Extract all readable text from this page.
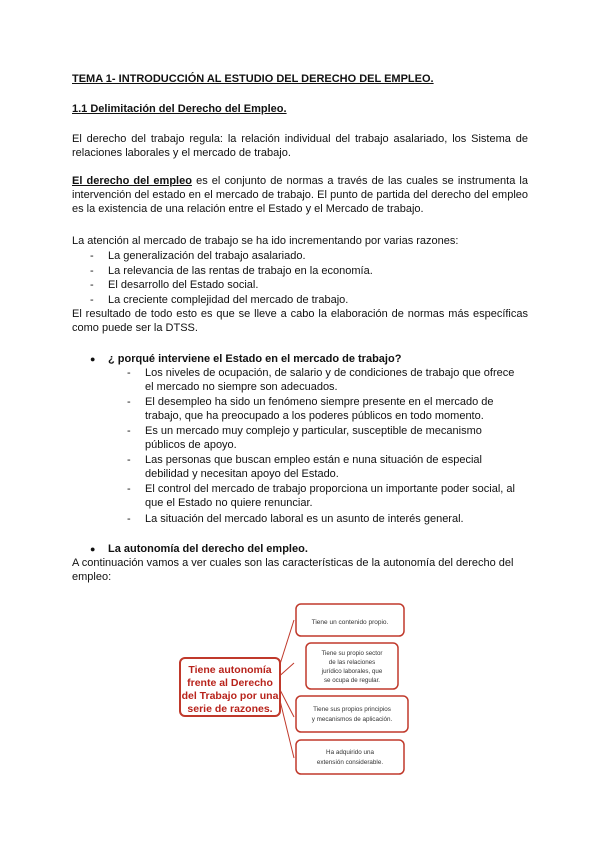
TEMA 1- INTRODUCCIÓN AL ESTUDIO DEL DERECHO DEL EMPLEO.
1.1 Delimitación del Derecho del Empleo.
El derecho del trabajo regula: la relación individual del trabajo asalariado, los Sistema de relaciones laborales y el mercado de trabajo.
El derecho del empleo es el conjunto de normas a través de las cuales se instrumenta la intervención del estado en el mercado de trabajo. El punto de partida del derecho del empleo es la existencia de una relación entre el Estado y el Mercado de trabajo.
La atención al mercado de trabajo se ha ido incrementando por varias razones:
- La generalización del trabajo asalariado.
- La relevancia de las rentas de trabajo en la economía.
- El desarrollo del Estado social.
- La creciente complejidad del mercado de trabajo.
El resultado de todo esto es que se lleve a cabo la elaboración de normas más específicas como puede ser la DTSS.
● ¿ porqué interviene el Estado en el mercado de trabajo?
- Los niveles de ocupación, de salario y de condiciones de trabajo que ofrece
el mercado no siempre son adecuados.
- El desempleo ha sido un fenómeno siempre presente en el mercado de
trabajo, que ha preocupado a los poderes públicos en todo momento.
- Es un mercado muy complejo y particular, susceptible de mecanismo
públicos de apoyo.
- Las personas que buscan empleo están e nuna situación de especial
debilidad y necesitan apoyo del Estado.
- El control del mercado de trabajo proporciona un importante poder social, al
que el Estado no quiere renunciar.
- La situación del mercado laboral es un asunto de interés general.
● La autonomía del derecho del empleo.
A continuación vamos a ver cuales son las características de la autonomía del derecho del
empleo:
Tiene autonomía
frente al Derecho
del Trabajo por una
serie de razones.
Tiene un contenido propio.
Tiene su propio sector
de las relaciones
jurídico laborales, que
se ocupa de regular.
Tiene sus propios principios
y mecanismos de aplicación.
Ha adquirido una
extensión considerable.
